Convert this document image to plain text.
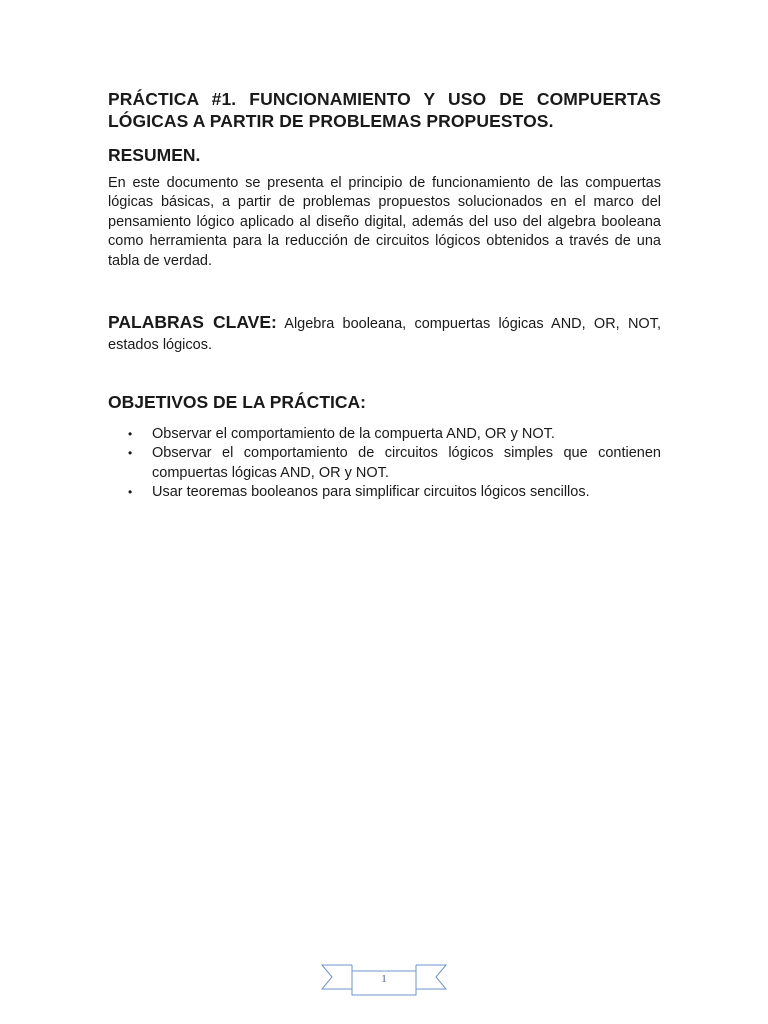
PRÁCTICA #1. FUNCIONAMIENTO Y USO DE COMPUERTAS LÓGICAS A PARTIR DE PROBLEMAS PROPUESTOS.
RESUMEN.

En este documento se presenta el principio de funcionamiento de las compuertas lógicas básicas, a partir de problemas propuestos solucionados en el marco del pensamiento lógico aplicado al diseño digital, además del uso del algebra booleana como herramienta para la reducción de circuitos lógicos obtenidos a través de una tabla de verdad.

PALABRAS CLAVE: Algebra booleana, compuertas lógicas AND, OR, NOT, estados lógicos.

OBJETIVOS DE LA PRÁCTICA:
• Observar el comportamiento de la compuerta AND, OR y NOT.
• Observar el comportamiento de circuitos lógicos simples que contienen compuertas lógicas AND, OR y NOT.
• Usar teoremas booleanos para simplificar circuitos lógicos sencillos.
1
